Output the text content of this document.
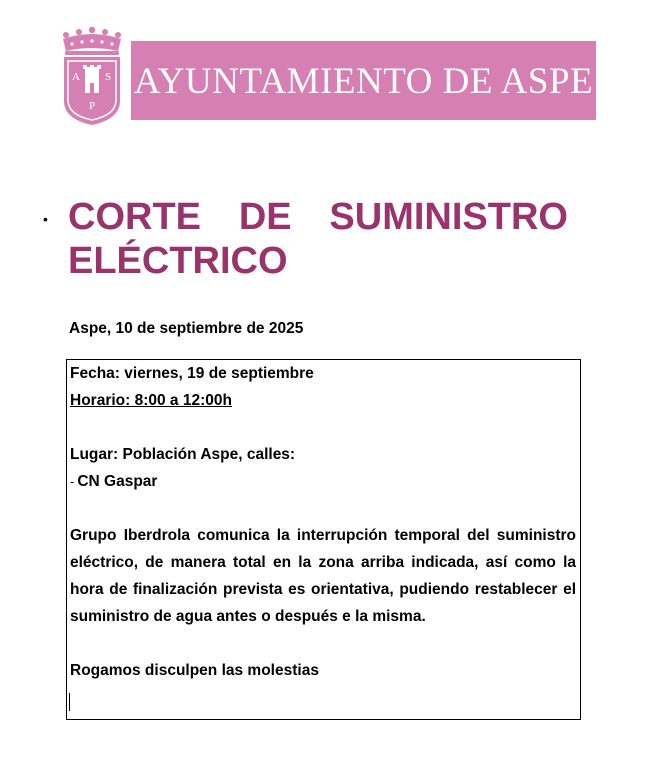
A S
P
AYUNTAMIENTO DE ASPE
• CORTE DE SUMINISTRO ELÉCTRICO
Aspe, 10 de septiembre de 2025
Fecha: viernes, 19 de septiembre
Horario: 8:00 a 12:00h
Lugar: Población Aspe, calles:
- CN Gaspar
Grupo Iberdrola comunica la interrupción temporal del suministro eléctrico, de manera total en la zona arriba indicada, así como la hora de finalización prevista es orientativa, pudiendo restablecer el suministro de agua antes o después e la misma.
Rogamos disculpen las molestias
